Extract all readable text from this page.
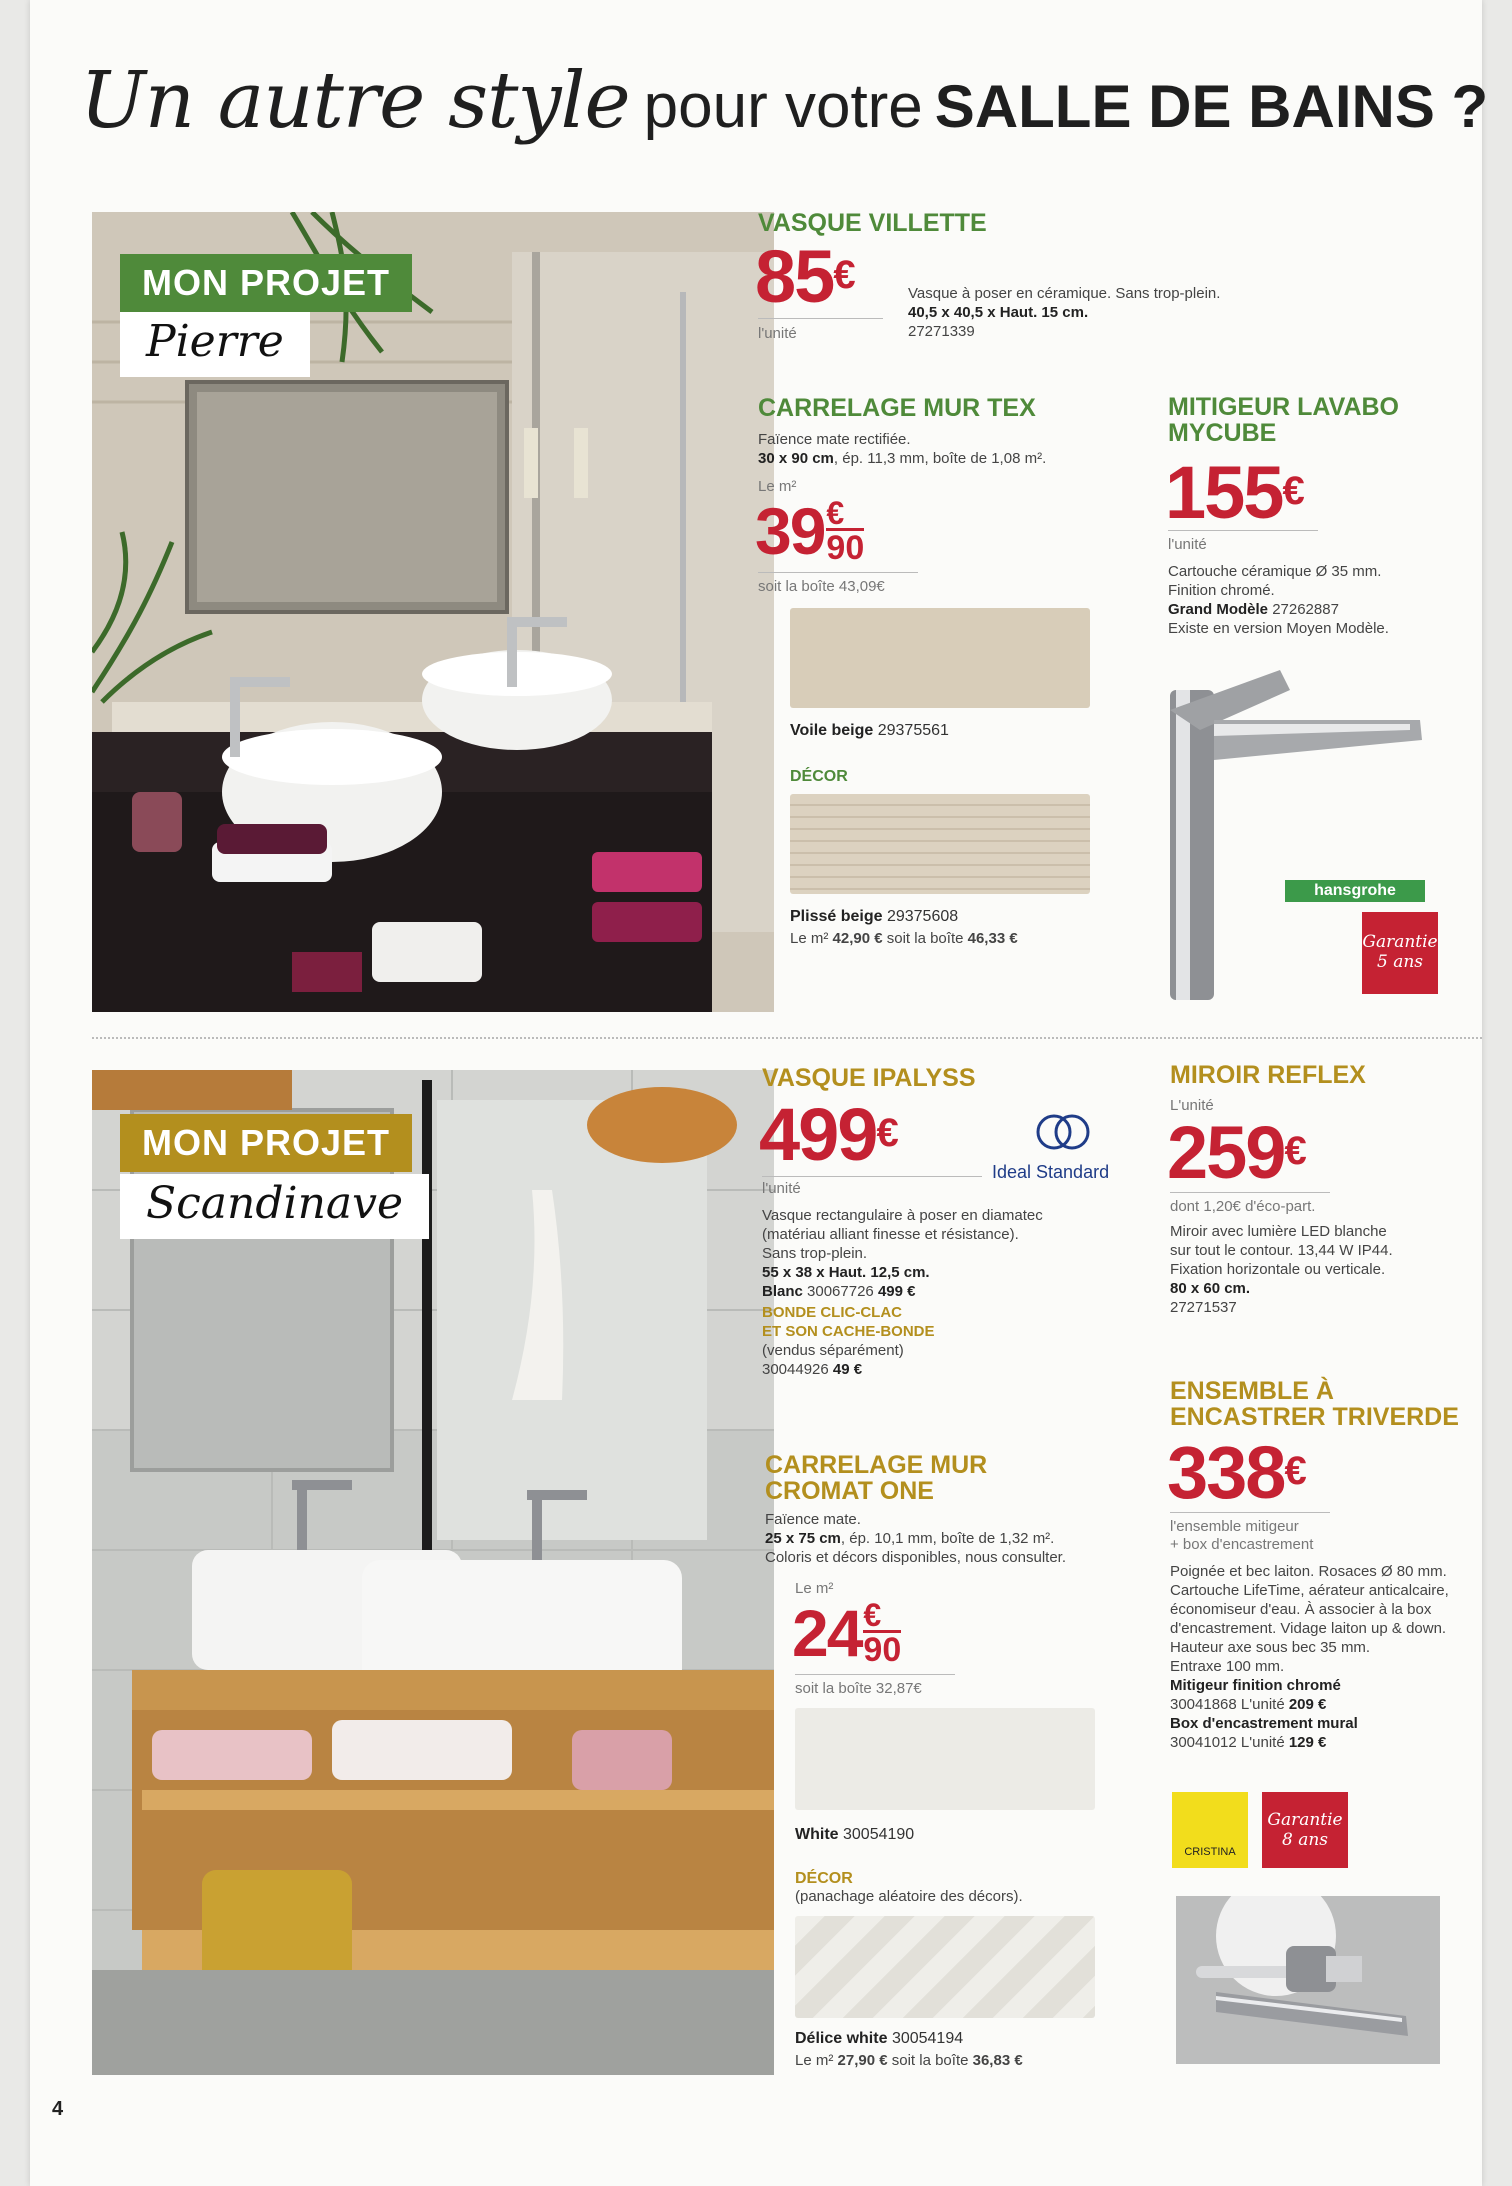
Un autre style pour votre SALLE DE BAINS ?
MON PROJET
Pierre
VASQUE VILLETTE
85€
l'unité
Vasque à poser en céramique. Sans trop-plein.
40,5 x 40,5 x Haut. 15 cm.
27271339
CARRELAGE MUR TEX
Faïence mate rectifiée.
30 x 90 cm, ép. 11,3 mm, boîte de 1,08 m².
Le m²
39 €
90
soit la boîte 43,09€
Voile beige 29375561
DÉCOR
Plissé beige 29375608
Le m² 42,90 € soit la boîte 46,33 €
MITIGEUR LAVABO MYCUBE
155€
l'unité
Cartouche céramique Ø 35 mm.
Finition chromé.
Grand Modèle 27262887
Existe en version Moyen Modèle.
hansgrohe
Garantie 5 ans
MON PROJET
Scandinave
VASQUE IPALYSS
499€
Ideal Standard
l'unité
Vasque rectangulaire à poser en diamatec
(matériau alliant finesse et résistance).
Sans trop-plein.
55 x 38 x Haut. 12,5 cm.
Blanc 30067726 499 €
BONDE CLIC-CLAC
ET SON CACHE-BONDE
(vendus séparément)
30044926 49 €
MIROIR REFLEX
L'unité
259€
dont 1,20€ d'éco-part.
Miroir avec lumière LED blanche
sur tout le contour. 13,44 W IP44.
Fixation horizontale ou verticale.
80 x 60 cm.
27271537
CARRELAGE MUR CROMAT ONE
Faïence mate.
25 x 75 cm, ép. 10,1 mm, boîte de 1,32 m².
Coloris et décors disponibles, nous consulter.
Le m²
24 €
90
soit la boîte 32,87€
White 30054190
DÉCOR
(panachage aléatoire des décors).
Délice white 30054194
Le m² 27,90 € soit la boîte 36,83 €
ENSEMBLE À ENCASTRER TRIVERDE
338€
l'ensemble mitigeur
+ box d'encastrement
Poignée et bec laiton. Rosaces Ø 80 mm.
Cartouche LifeTime, aérateur anticalcaire,
économiseur d'eau. À associer à la box
d'encastrement. Vidage laiton up & down.
Hauteur axe sous bec 35 mm.
Entraxe 100 mm.
Mitigeur finition chromé
30041868 L'unité 209 €
Box d'encastrement mural
30041012 L'unité 129 €
CRISTINA
Garantie 8 ans
4
